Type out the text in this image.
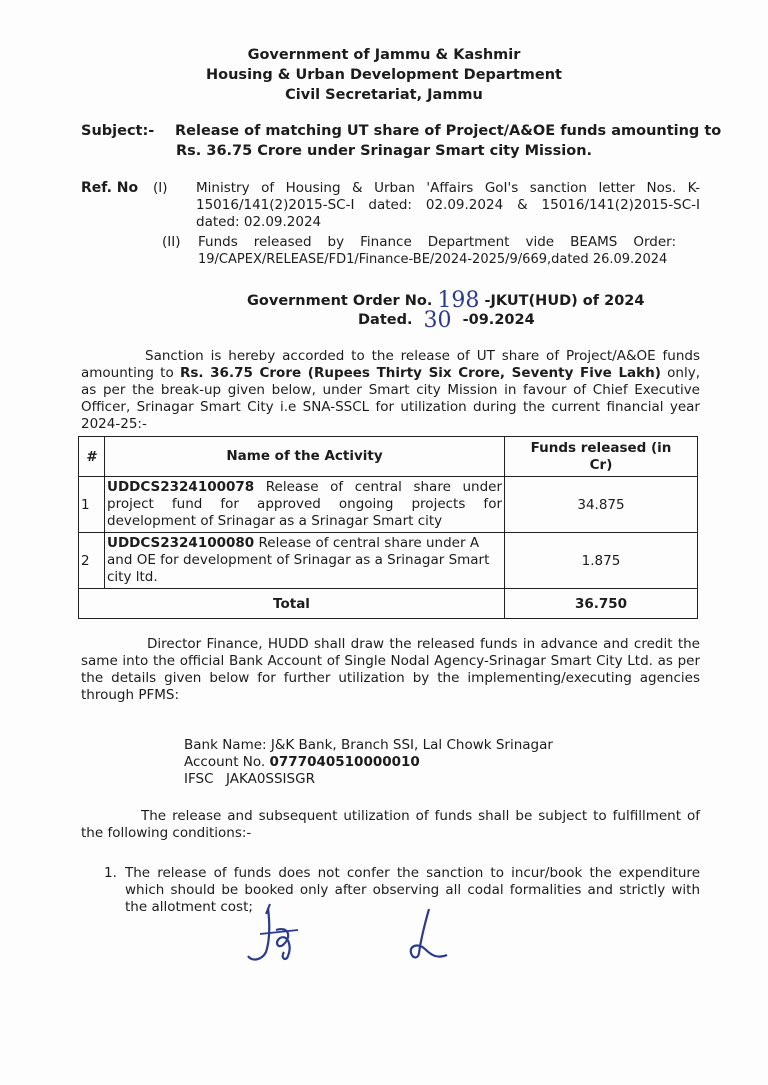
Government of Jammu & Kashmir
Housing & Urban Development Department
Civil Secretariat, Jammu
Subject:- Release of matching UT share of Project/A&OE funds amounting to
Rs. 36.75 Crore under Srinagar Smart city Mission.
Ref. No (I) Ministry of Housing & Urban 'Affairs GoI's sanction letter Nos. K-
15016/141(2)2015-SC-I dated: 02.09.2024 & 15016/141(2)2015-SC-I
dated: 02.09.2024
(II) Funds released by Finance Department vide BEAMS Order:
19/CAPEX/RELEASE/FD1/Finance-BE/2024-2025/9/669,dated 26.09.2024
Government Order No. 198 -JKUT(HUD) of 2024
Dated. 30 -09.2024
Sanction is hereby accorded to the release of UT share of Project/A&OE funds
amounting to Rs. 36.75 Crore (Rupees Thirty Six Crore, Seventy Five Lakh) only,
as per the break-up given below, under Smart city Mission in favour of Chief Executive
Officer, Srinagar Smart City i.e SNA-SSCL for utilization during the current financial year
2024-25:-
#	Name of the Activity	Funds released (in Cr)
1	UDDCS2324100078 Release of central share under project fund for approved ongoing projects for development of Srinagar as a Srinagar Smart city	34.875
2	UDDCS2324100080 Release of central share under A and OE for development of Srinagar as a Srinagar Smart city ltd.	1.875
Total		36.750
Director Finance, HUDD shall draw the released funds in advance and credit the
same into the official Bank Account of Single Nodal Agency-Srinagar Smart City Ltd. as per
the details given below for further utilization by the implementing/executing agencies
through PFMS:
Bank Name: J&K Bank, Branch SSI, Lal Chowk Srinagar
Account No. 0777040510000010
IFSC JAKA0SSISGR
The release and subsequent utilization of funds shall be subject to fulfillment of
the following conditions:-
1. The release of funds does not confer the sanction to incur/book the expenditure
which should be booked only after observing all codal formalities and strictly with
the allotment cost;
